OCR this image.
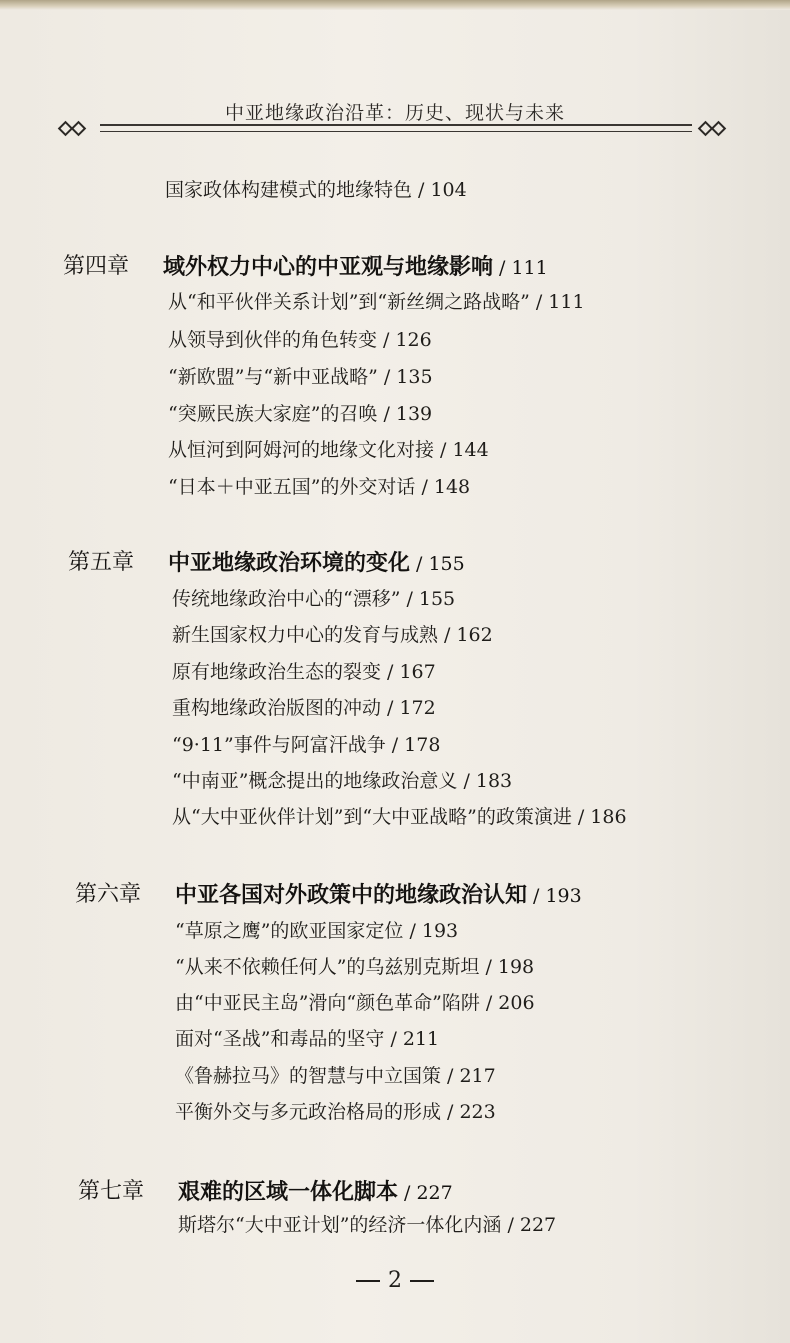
中亚地缘政治沿革：历史、现状与未来
国家政体构建模式的地缘特色 / 104
第四章 域外权力中心的中亚观与地缘影响 / 111
从“和平伙伴关系计划”到“新丝绸之路战略” / 111
从领导到伙伴的角色转变 / 126
“新欧盟”与“新中亚战略” / 135
“突厥民族大家庭”的召唤 / 139
从恒河到阿姆河的地缘文化对接 / 144
“日本＋中亚五国”的外交对话 / 148
第五章 中亚地缘政治环境的变化 / 155
传统地缘政治中心的“漂移” / 155
新生国家权力中心的发育与成熟 / 162
原有地缘政治生态的裂变 / 167
重构地缘政治版图的冲动 / 172
“9·11”事件与阿富汗战争 / 178
“中南亚”概念提出的地缘政治意义 / 183
从“大中亚伙伴计划”到“大中亚战略”的政策演进 / 186
第六章 中亚各国对外政策中的地缘政治认知 / 193
“草原之鹰”的欧亚国家定位 / 193
“从来不依赖任何人”的乌兹别克斯坦 / 198
由“中亚民主岛”滑向“颜色革命”陷阱 / 206
面对“圣战”和毒品的坚守 / 211
《鲁赫拉马》的智慧与中立国策 / 217
平衡外交与多元政治格局的形成 / 223
第七章 艰难的区域一体化脚本 / 227
斯塔尔“大中亚计划”的经济一体化内涵 / 227
2
